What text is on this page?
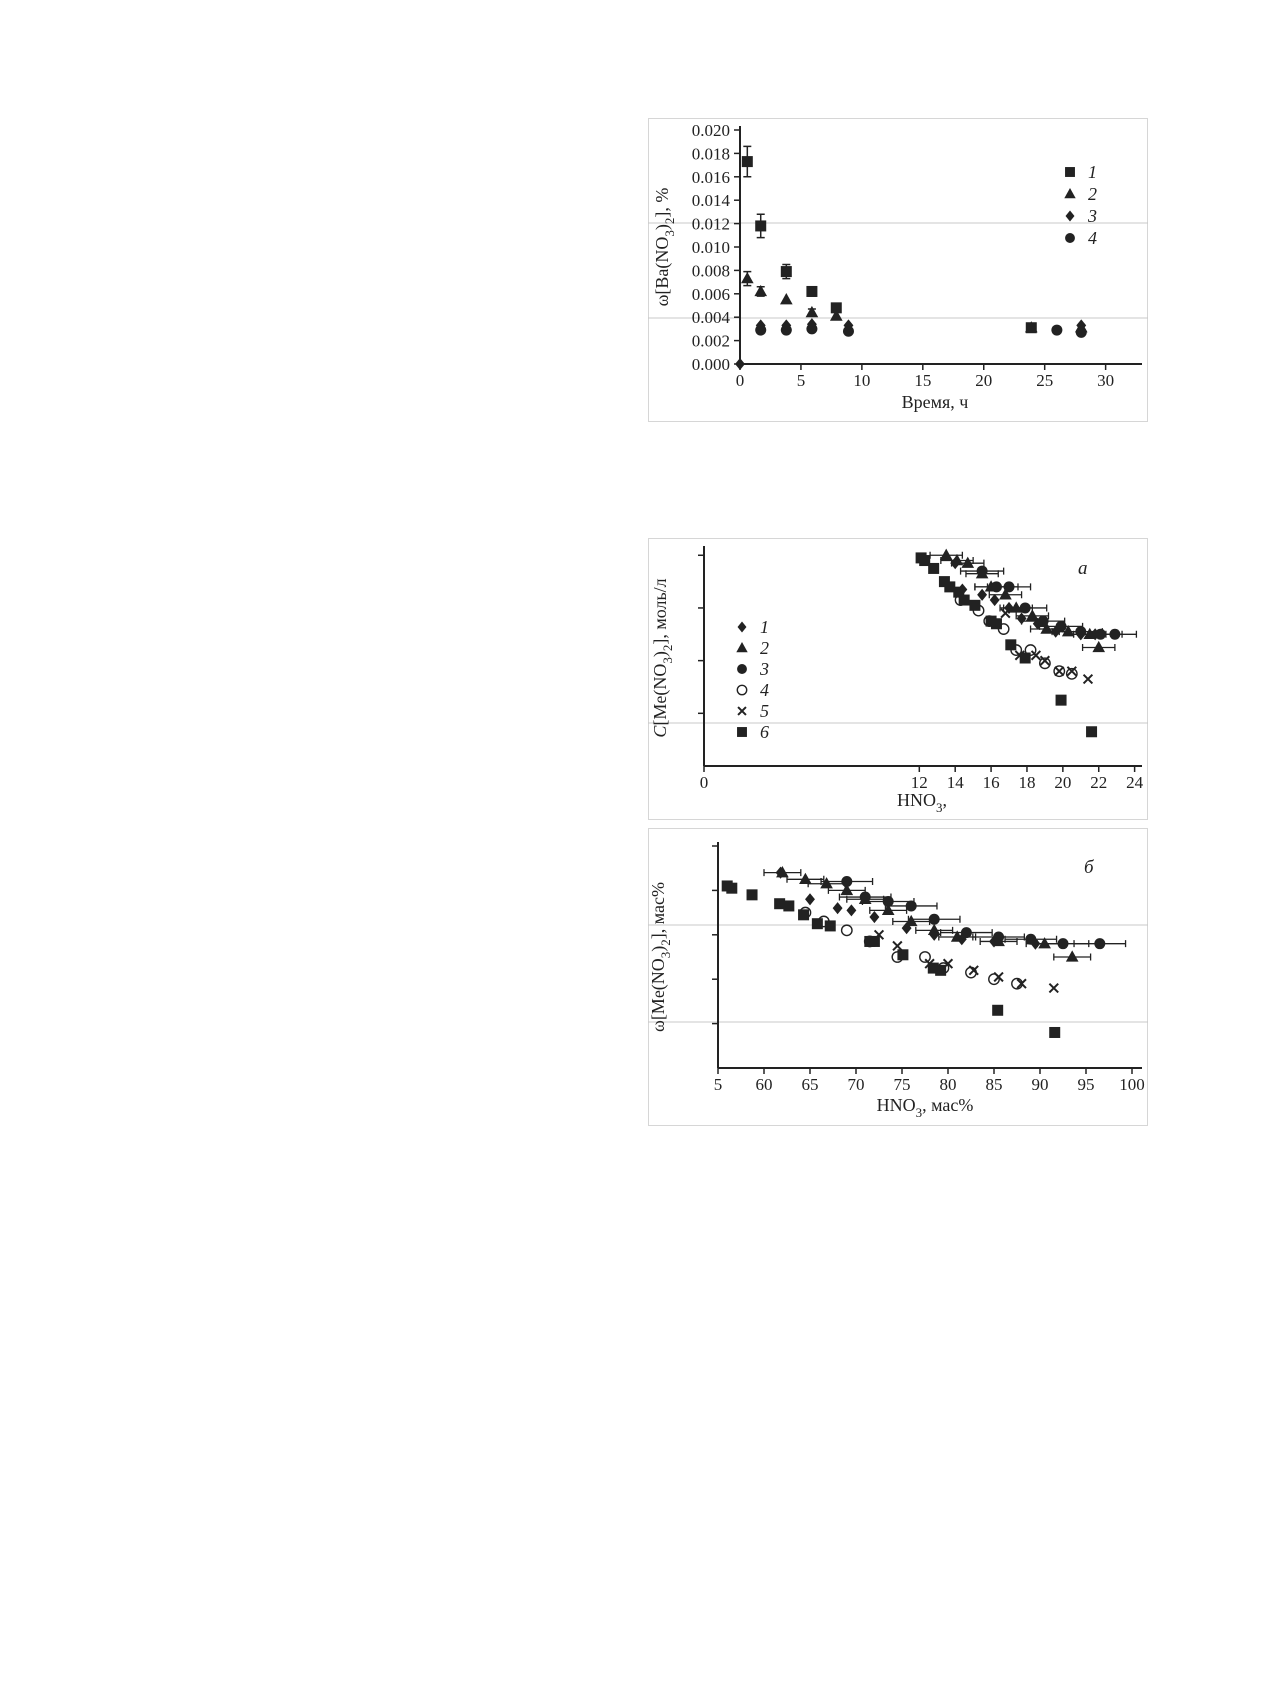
0	5	10	15	20	25	30
0.000
0.002
0.004
0.006
0.008
0.010
0.012
0.014
0.016
0.018
0.020
1
2
3
4
Время, ч
$\omega[Ba(NO_3)_2]$, %
0	12 14 16 18 20 22 24
1
2
3
4
5
6
а
$HNO_3$,
$C[Me(NO_3)_2]$, моль/л
5 60 65 70 75 80 85 90 95 100
б
$HNO_3$, мас%
$\omega[Me(NO_3)_2]$, мас%
